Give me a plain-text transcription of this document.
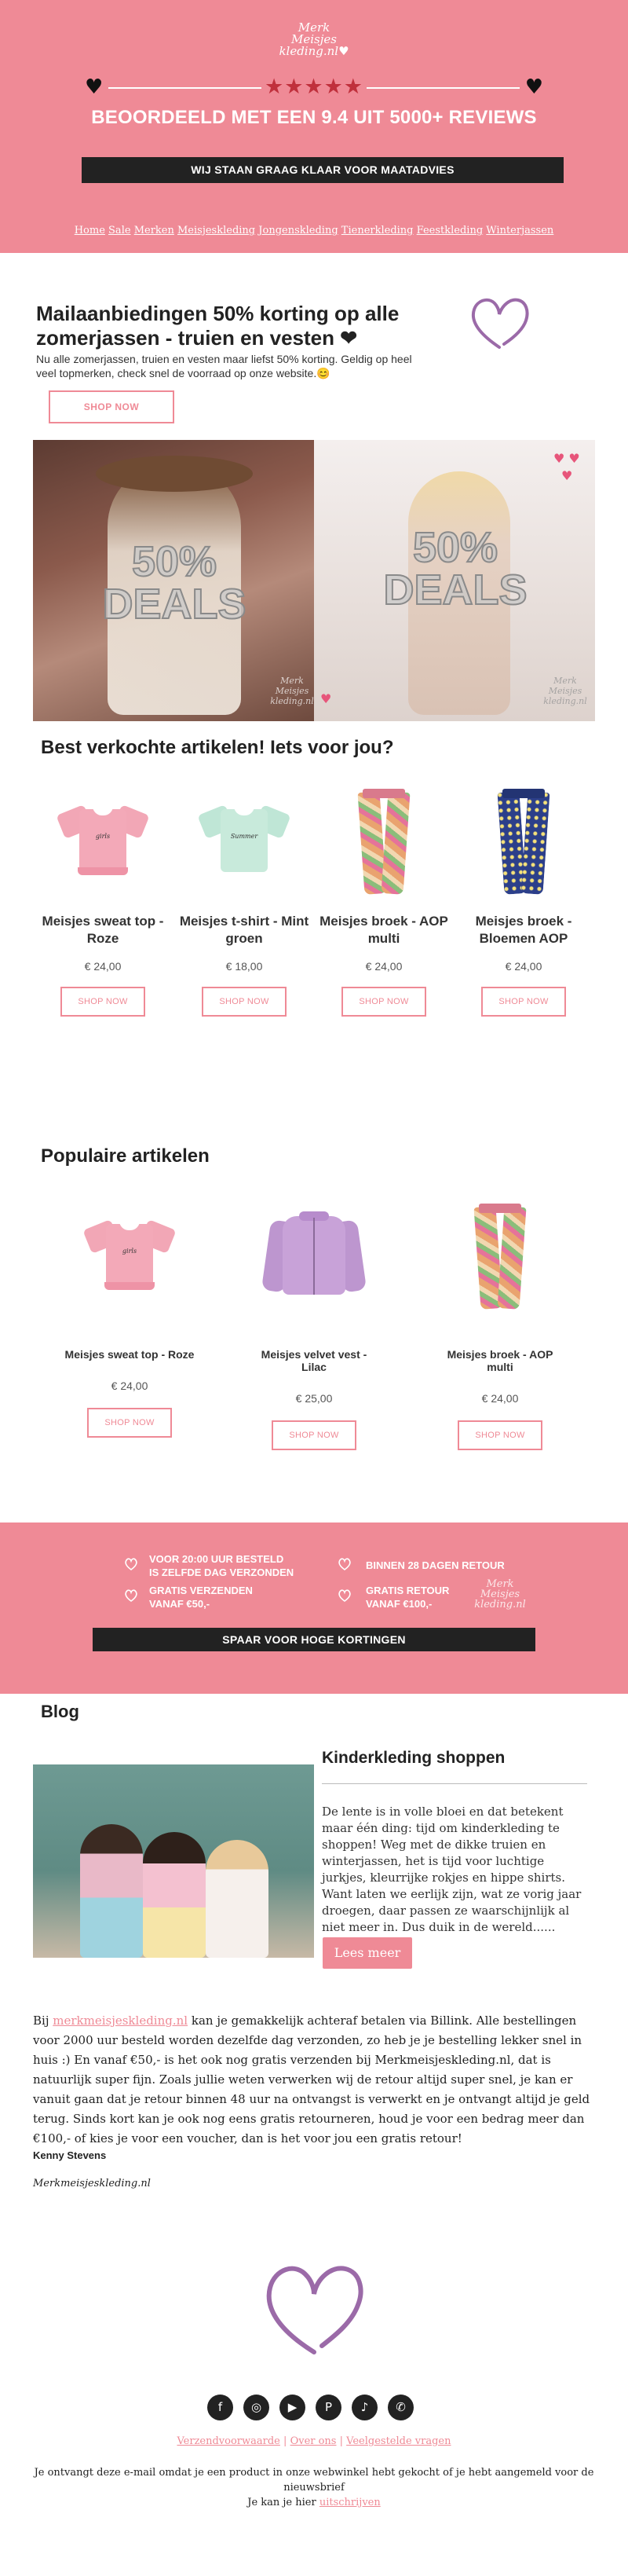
Merk
Meisjes
kleding.nl♥
♥	♥
★★★★★
BEOORDEELD MET EEN 9.4 UIT 5000+ REVIEWS
WIJ STAAN GRAAG KLAAR VOOR MAATADVIES
Home Sale Merken Meisjeskleding Jongenskleding Tienerkleding Feestkleding Winterjassen
Mailaanbiedingen 50% korting op alle zomerjassen - truien en vesten ❤
Nu alle zomerjassen, truien en vesten maar liefst 50% korting. Geldig op heel veel topmerken, check snel de voorraad op onze website.😊
SHOP NOW
Merk
Meisjes
kleding.nl
♥ ♥
♥
♥
Merk
Meisjes
kleding.nl
50% DEALS
50% DEALS
Best verkochte artikelen! Iets voor jou?
girls
Meisjes sweat top - Roze
€ 24,00
SHOP NOW
Summer
Meisjes t-shirt - Mint groen
€ 18,00
SHOP NOW
Meisjes broek - AOP multi
€ 24,00
SHOP NOW
Meisjes broek - Bloemen AOP
€ 24,00
SHOP NOW
Populaire artikelen
girls
Meisjes sweat top - Roze
€ 24,00
SHOP NOW
Meisjes velvet vest - Lilac
€ 25,00
SHOP NOW
Meisjes broek - AOP multi
€ 24,00
SHOP NOW
VOOR 20:00 UUR BESTELD
IS ZELFDE DAG VERZONDEN
BINNEN 28 DAGEN RETOUR
GRATIS VERZENDEN
VANAF €50,-
GRATIS RETOUR
VANAF €100,-
Merk
Meisjes
kleding.nl
SPAAR VOOR HOGE KORTINGEN
Blog
Kinderkleding shoppen
De lente is in volle bloei en dat betekent maar één ding: tijd om kinderkleding te shoppen! Weg met de dikke truien en winterjassen, het is tijd voor luchtige jurkjes, kleurrijke rokjes en hippe shirts. Want laten we eerlijk zijn, wat ze vorig jaar droegen, daar passen ze waarschijnlijk al niet meer in. Dus duik in de wereld......
Lees meer
Bij merkmeisjeskleding.nl kan je gemakkelijk achteraf betalen via Billink. Alle bestellingen voor 2000 uur besteld worden dezelfde dag verzonden, zo heb je je bestelling lekker snel in huis :) En vanaf €50,- is het ook nog gratis verzenden bij Merkmeisjeskleding.nl, dat is natuurlijk super fijn. Zoals jullie weten verwerken wij de retour altijd super snel, je kan er vanuit gaan dat je retour binnen 48 uur na ontvangst is verwerkt en je ontvangt altijd je geld terug. Sinds kort kan je ook nog eens gratis retourneren, houd je voor een bedrag meer dan €100,- of kies je voor een voucher, dan is het voor jou een gratis retour!
Kenny Stevens
Merkmeisjeskleding.nl
f	◎	▶	P	♪	✆
Verzendvoorwaarde | Over ons | Veelgestelde vragen
Je ontvangt deze e-mail omdat je een product in onze webwinkel hebt gekocht of je hebt aangemeld voor de nieuwsbrief
Je kan je hier uitschrijven
